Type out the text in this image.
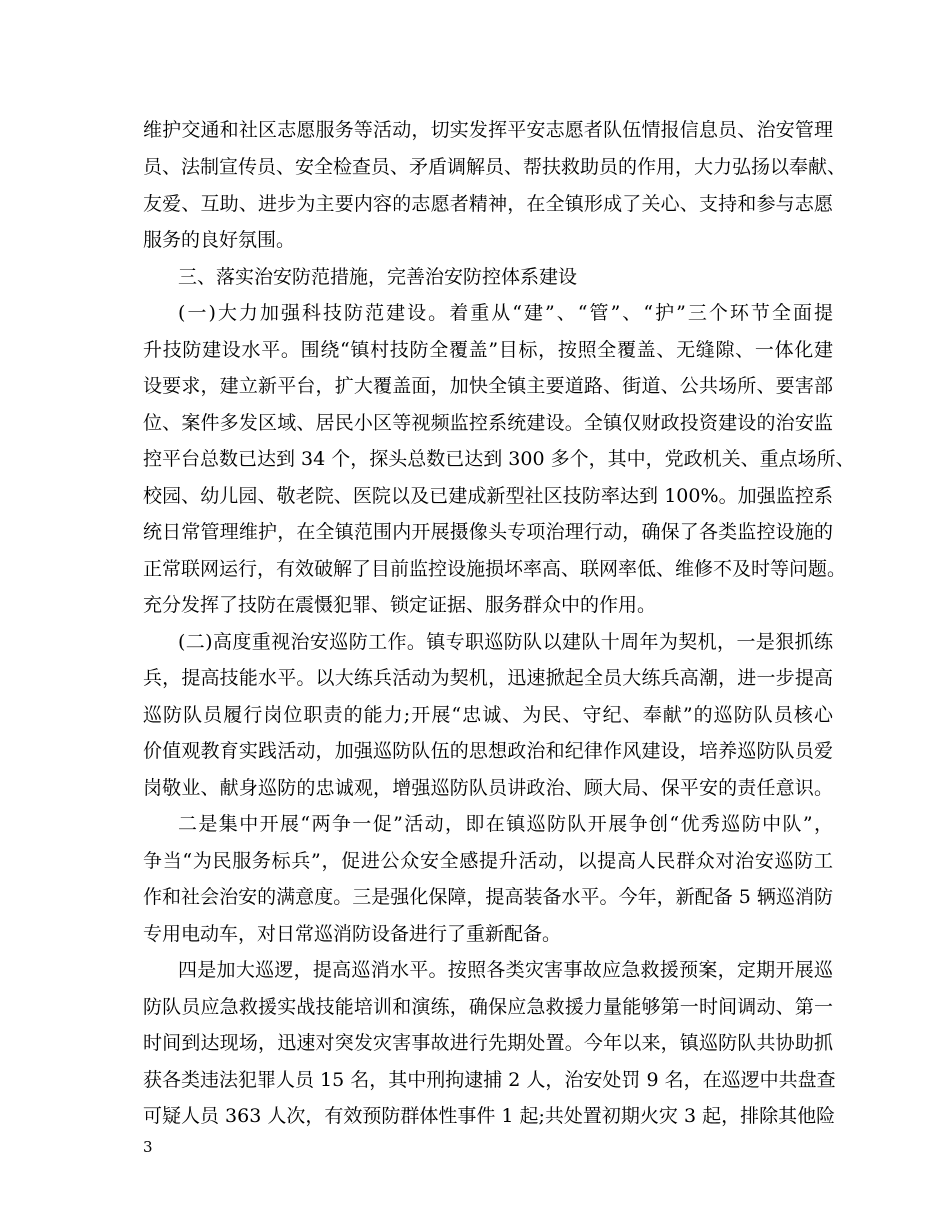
维护交通和社区志愿服务等活动，切实发挥平安志愿者队伍情报信息员、治安管理
员、法制宣传员、安全检查员、矛盾调解员、帮扶救助员的作用，大力弘扬以奉献、
友爱、互助、进步为主要内容的志愿者精神，在全镇形成了关心、支持和参与志愿
服务的良好氛围。
三、落实治安防范措施，完善治安防控体系建设
(一)大力加强科技防范建设。着重从“建”、“管”、“护”三个环节全面提
升技防建设水平。围绕“镇村技防全覆盖”目标，按照全覆盖、无缝隙、一体化建
设要求，建立新平台，扩大覆盖面，加快全镇主要道路、街道、公共场所、要害部
位、案件多发区域、居民小区等视频监控系统建设。全镇仅财政投资建设的治安监
控平台总数已达到 34 个，探头总数已达到 300 多个，其中，党政机关、重点场所、
校园、幼儿园、敬老院、医院以及已建成新型社区技防率达到 100%。加强监控系
统日常管理维护，在全镇范围内开展摄像头专项治理行动，确保了各类监控设施的
正常联网运行，有效破解了目前监控设施损坏率高、联网率低、维修不及时等问题。
充分发挥了技防在震慑犯罪、锁定证据、服务群众中的作用。
(二)高度重视治安巡防工作。镇专职巡防队以建队十周年为契机，一是狠抓练
兵，提高技能水平。以大练兵活动为契机，迅速掀起全员大练兵高潮，进一步提高
巡防队员履行岗位职责的能力;开展“忠诚、为民、守纪、奉献”的巡防队员核心
价值观教育实践活动，加强巡防队伍的思想政治和纪律作风建设，培养巡防队员爱
岗敬业、献身巡防的忠诚观，增强巡防队员讲政治、顾大局、保平安的责任意识。
二是集中开展“两争一促”活动，即在镇巡防队开展争创“优秀巡防中队”，
争当“为民服务标兵”，促进公众安全感提升活动，以提高人民群众对治安巡防工
作和社会治安的满意度。三是强化保障，提高装备水平。今年，新配备 5 辆巡消防
专用电动车，对日常巡消防设备进行了重新配备。
四是加大巡逻，提高巡消水平。按照各类灾害事故应急救援预案，定期开展巡
防队员应急救援实战技能培训和演练，确保应急救援力量能够第一时间调动、第一
时间到达现场，迅速对突发灾害事故进行先期处置。今年以来，镇巡防队共协助抓
获各类违法犯罪人员 15 名，其中刑拘逮捕 2 人，治安处罚 9 名，在巡逻中共盘查
可疑人员 363 人次，有效预防群体性事件 1 起;共处置初期火灾 3 起，排除其他险
3
